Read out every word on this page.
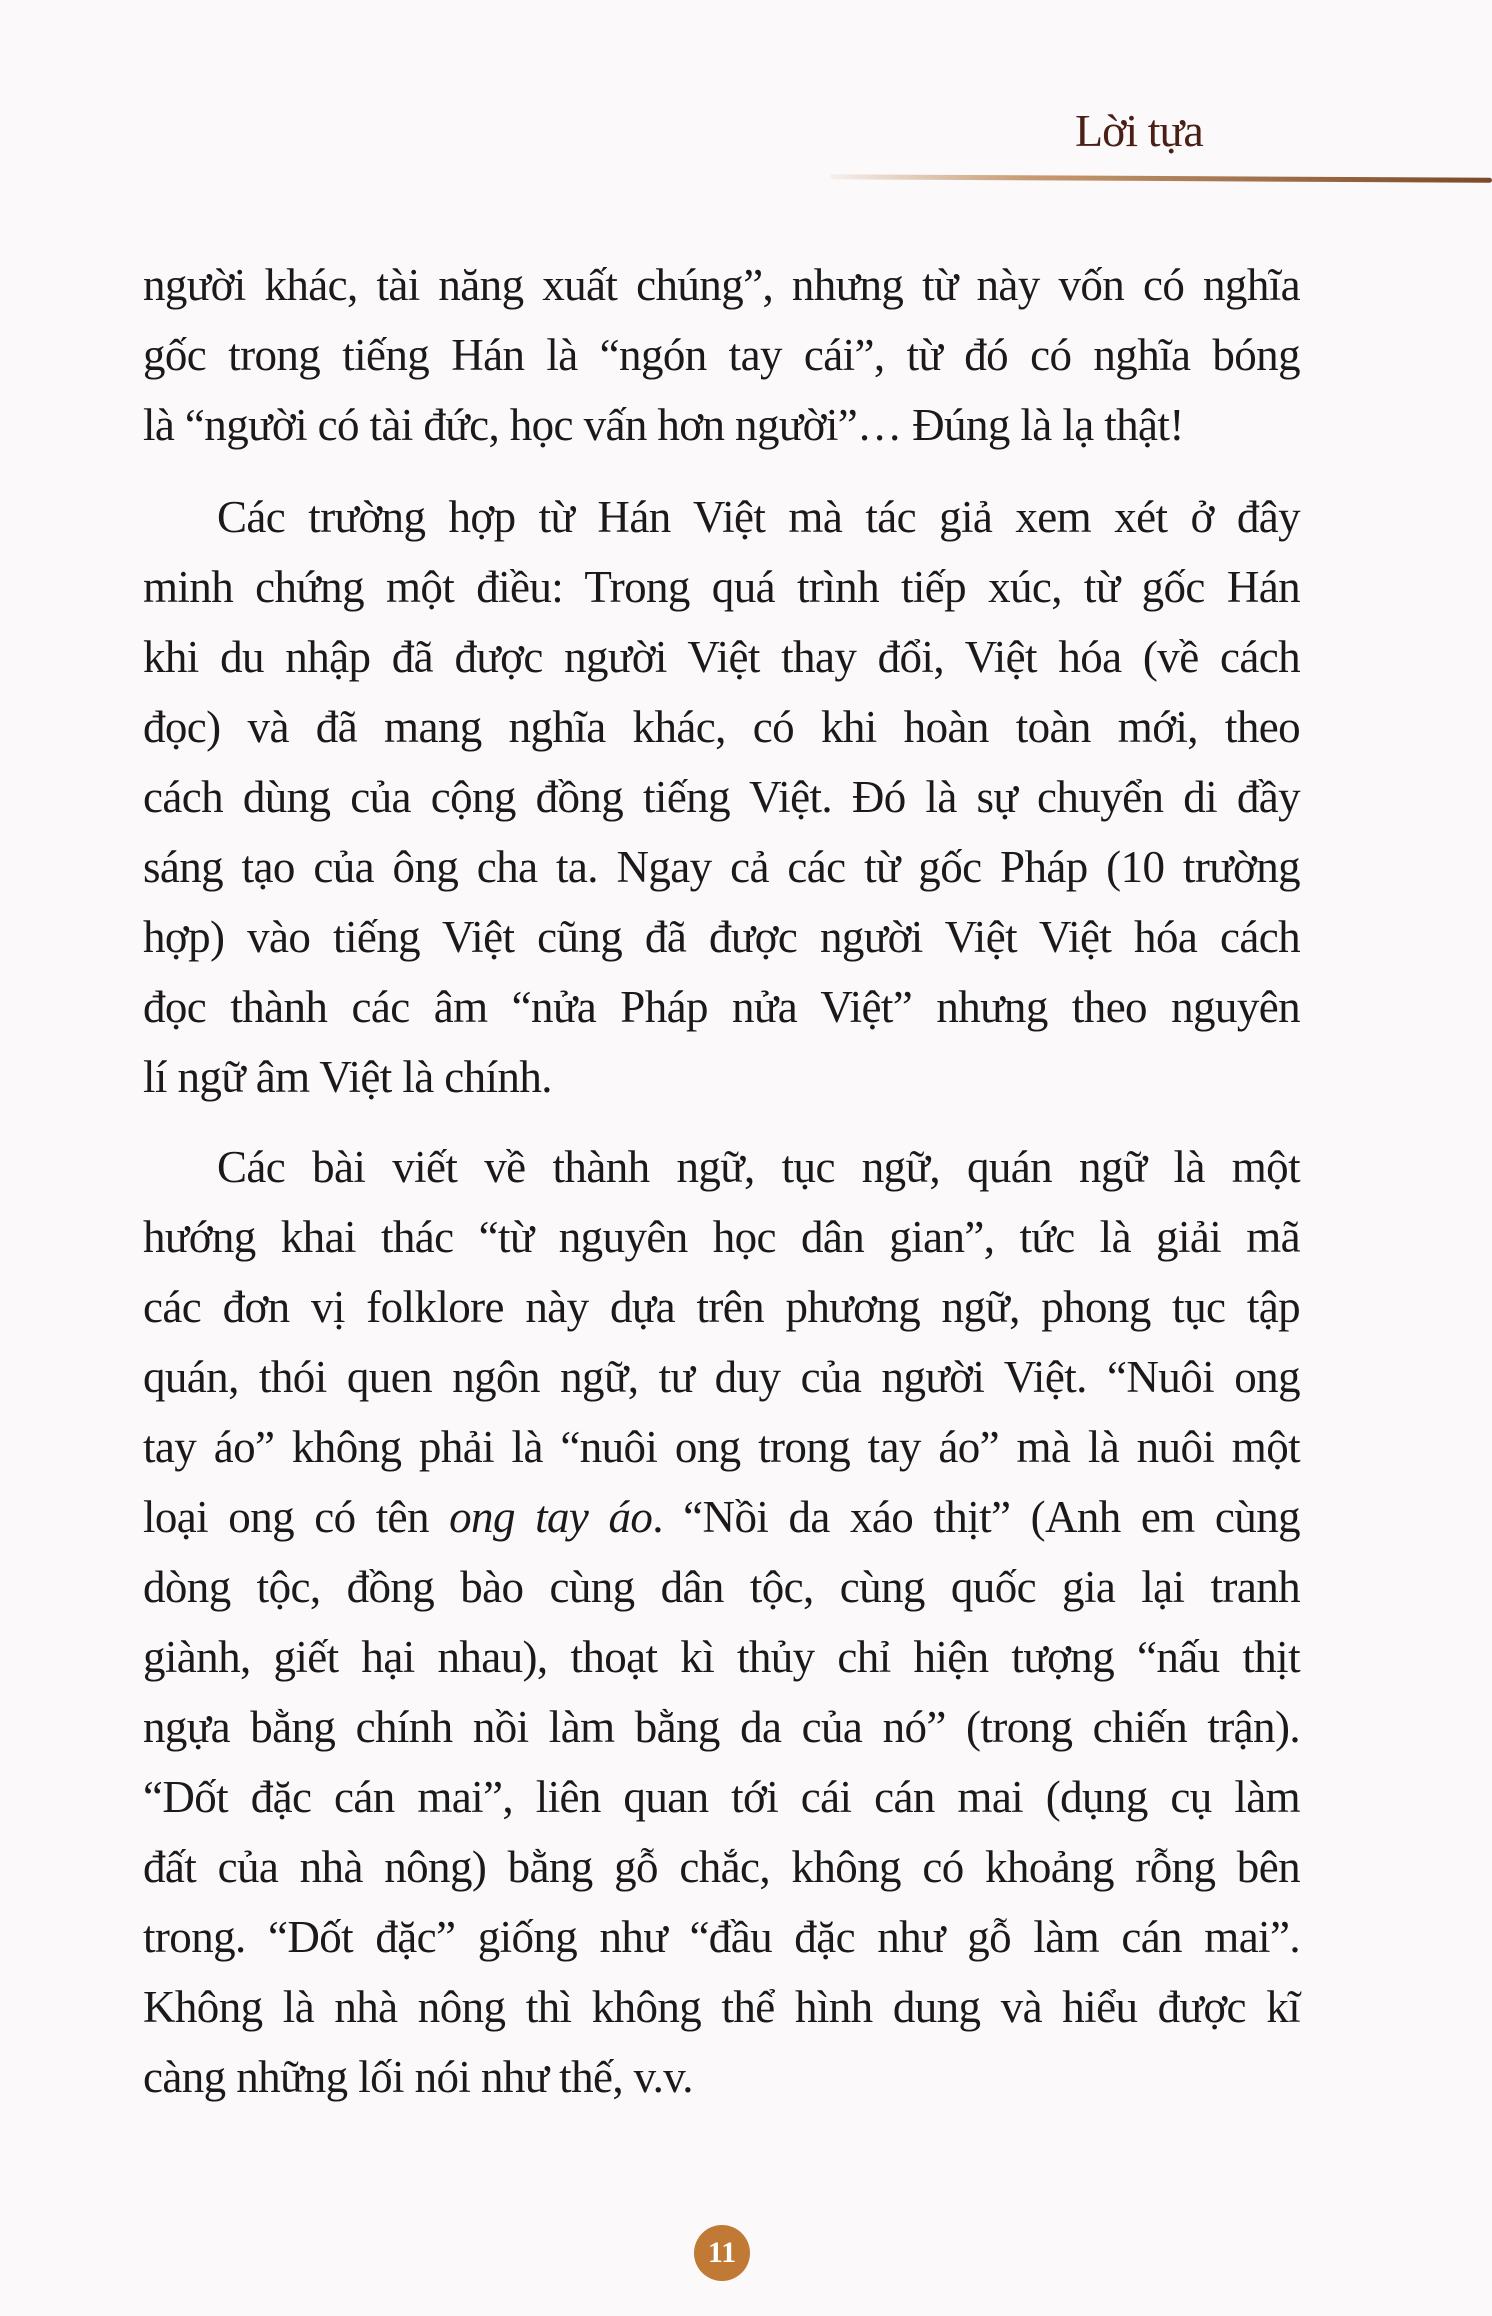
Lời tựa
người khác, tài năng xuất chúng”, nhưng từ này vốn có nghĩa
gốc trong tiếng Hán là “ngón tay cái”, từ đó có nghĩa bóng
là “người có tài đức, học vấn hơn người”… Đúng là lạ thật!
Các trường hợp từ Hán Việt mà tác giả xem xét ở đây
minh chứng một điều: Trong quá trình tiếp xúc, từ gốc Hán
khi du nhập đã được người Việt thay đổi, Việt hóa (về cách
đọc) và đã mang nghĩa khác, có khi hoàn toàn mới, theo
cách dùng của cộng đồng tiếng Việt. Đó là sự chuyển di đầy
sáng tạo của ông cha ta. Ngay cả các từ gốc Pháp (10 trường
hợp) vào tiếng Việt cũng đã được người Việt Việt hóa cách
đọc thành các âm “nửa Pháp nửa Việt” nhưng theo nguyên
lí ngữ âm Việt là chính.
Các bài viết về thành ngữ, tục ngữ, quán ngữ là một
hướng khai thác “từ nguyên học dân gian”, tức là giải mã
các đơn vị folklore này dựa trên phương ngữ, phong tục tập
quán, thói quen ngôn ngữ, tư duy của người Việt. “Nuôi ong
tay áo” không phải là “nuôi ong trong tay áo” mà là nuôi một
loại ong có tên ong tay áo. “Nồi da xáo thịt” (Anh em cùng
dòng tộc, đồng bào cùng dân tộc, cùng quốc gia lại tranh
giành, giết hại nhau), thoạt kì thủy chỉ hiện tượng “nấu thịt
ngựa bằng chính nồi làm bằng da của nó” (trong chiến trận).
“Dốt đặc cán mai”, liên quan tới cái cán mai (dụng cụ làm
đất của nhà nông) bằng gỗ chắc, không có khoảng rỗng bên
trong. “Dốt đặc” giống như “đầu đặc như gỗ làm cán mai”.
Không là nhà nông thì không thể hình dung và hiểu được kĩ
càng những lối nói như thế, v.v.
11
